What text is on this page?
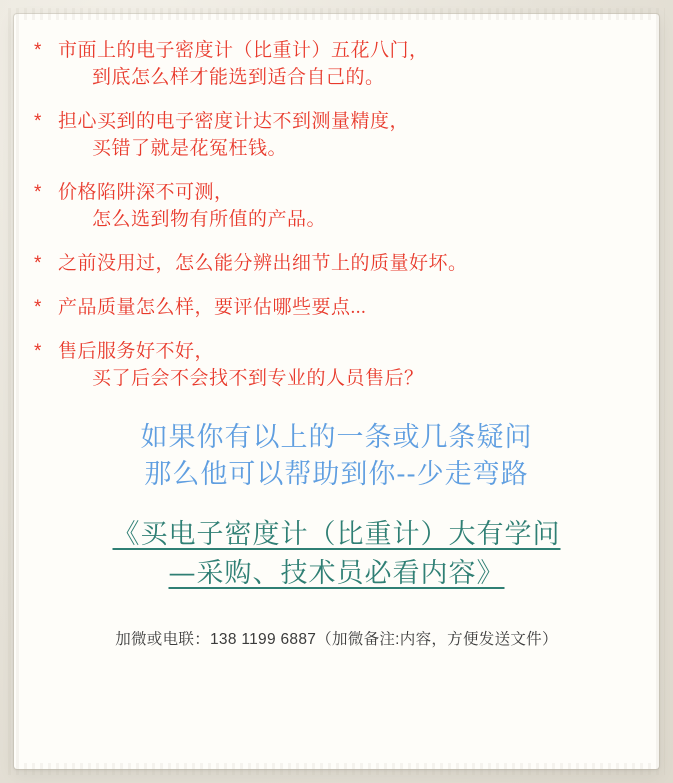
* 市面上的电子密度计（比重计）五花八门，
到底怎么样才能选到适合自己的。
* 担心买到的电子密度计达不到测量精度，
买错了就是花冤枉钱。
* 价格陷阱深不可测，
怎么选到物有所值的产品。
* 之前没用过，怎么能分辨出细节上的质量好坏。
* 产品质量怎么样，要评估哪些要点...
* 售后服务好不好，
买了后会不会找不到专业的人员售后？
如果你有以上的一条或几条疑问
那么他可以帮助到你--少走弯路
《买电子密度计（比重计）大有学问
—采购、技术员必看内容》
加微或电联：138 1199 6887（加微备注:内容，方便发送文件）
